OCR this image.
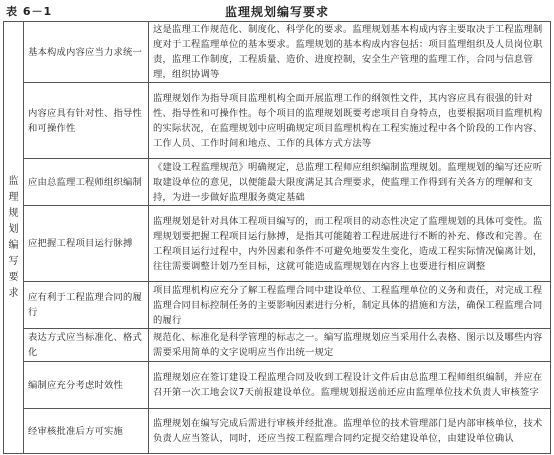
表 6－1	监理规划编写要求
监理规划编写要求	基本构成内容应当力求统一	这是监理工作规范化、制度化、科学化的要求。监理规划基本构成内容主要取决于工程监理制度对于工程监理单位的基本要求。监理规划的基本构成内容包括：项目监理组织及人员岗位职责，监理工作制度，工程质量、造价、进度控制，安全生产管理的监理工作，合同与信息管理，组织协调等
	内容应具有针对性、指导性和可操作性	监理规划作为指导项目监理机构全面开展监理工作的纲领性文件，其内容应具有很强的针对性、指导性和可操作性。每个项目的监理规划既要考虑项目自身特点，也要根据项目监理机构的实际状况，在监理规划中应明确规定项目监理机构在工程实施过程中各个阶段的工作内容、工作人员、工作时间和地点、工作的具体方式方法等
	应由总监理工程师组织编制	《建设工程监理规范》明确规定，总监理工程师应组织编制监理规划。监理规划的编写还应听取建设单位的意见，以便能最大限度满足其合理要求，使监理工作得到有关各方的理解和支持，为进一步做好监理服务奠定基础
	应把握工程项目运行脉搏	监理规划是针对具体工程项目编写的，而工程项目的动态性决定了监理规划的具体可变性。监理规划要把握工程项目运行脉搏，是指其可能随着工程进展进行不断的补充、修改和完善。在工程项目运行过程中，内外因素和条件不可避免地要发生变化，造成工程实际情况偏离计划，往往需要调整计划乃至目标，这就可能造成监理规划在内容上也要进行相应调整
	应有利于工程监理合同的履行	项目监理机构应充分了解工程监理合同中建设单位、工程监理单位的义务和责任，对完成工程监理合同目标控制任务的主要影响因素进行分析，制定具体的措施和方法，确保工程监理合同的履行
	表达方式应当标准化、格式化	规范化、标准化是科学管理的标志之一。编写监理规划应当采用什么表格、图示以及哪些内容需要采用简单的文字说明应当作出统一规定
	编制应充分考虑时效性	监理规划应在签订建设工程监理合同及收到工程设计文件后由总监理工程师组织编制，并应在召开第一次工地会议7天前报建设单位。监理规划报送前还应由监理单位技术负责人审核签字
	经审核批准后方可实施	监理规划在编写完成后需进行审核并经批准。监理单位的技术管理部门是内部审核单位，技术负责人应当签认，同时，还应当按工程监理合同约定提交给建设单位，由建设单位确认
